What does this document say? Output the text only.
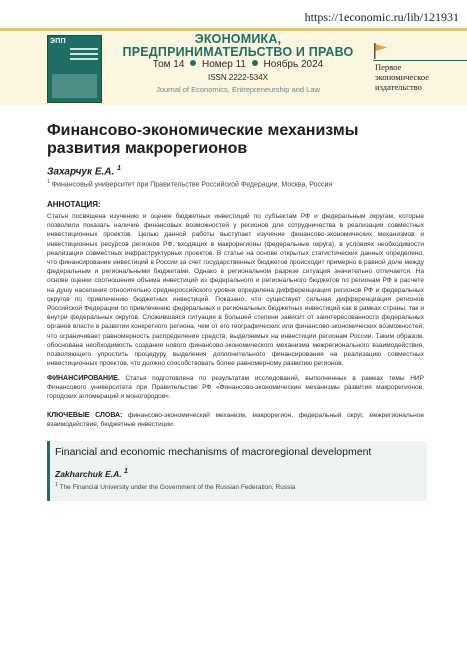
https://1economic.ru/lib/121931
ЭПП	ЭКОНОМИКА,
ПРЕДПРИНИМАТЕЛЬСТВО И ПРАВО
Том 14 Номер 11 Ноябрь 2024
ISSN 2222-534X
Journal of Economics, Entrepreneurship and Law
Первое
экономическое
издательство
Финансово-экономические механизмы развития макрорегионов
Захарчук Е.А. $^1$
$^1$ Финансовый университет при Правительстве Российской Федерации, Москва, Россия
АННОТАЦИЯ:
Статья посвящена изучению и оценке бюджетных инвестиций по субъектам РФ и федеральным округам, которые позволили показать наличие финансовых возможностей у регионов для сотрудничества в реализации совместных инвестиционных проектов. Целью данной работы выступает изучение финансово-экономических механизмов и инвестиционных ресурсов регионов РФ, входящих в макрорегионы (федеральные округа), в условиях необходимости реализации совместных инфраструктурных проектов. В статье на основе открытых статистических данных определено, что финансирование инвестиций в России за счет государственных бюджетов происходит примерно в равной доле между федеральным и региональными бюджетами. Однако в региональном разрезе ситуация значительно отличается. На основе оценки соотношения объема инвестиций из федерального и регионального бюджетов по регионам РФ в расчете на душу населения относительно среднероссийского уровня определена дифференциация регионов РФ и федеральных округов по привлечению бюджетных инвестиций. Показано, что существует сильная дифференциация регионов Российской Федерации по привлечению федеральных и региональных бюджетных инвестиций как в рамках страны, так и внутри федеральных округов. Сложившаяся ситуация в большей степени зависит от заинтересованности федеральных органов власти в развитии конкретного региона, чем от его географических или финансово-экономических возможностей, что ограничивает равномерность распределения средств, выделяемых на инвестиции регионам России. Таким образом, обоснована необходимость создания нового финансово-экономического механизма межрегионального взаимодействия, позволяющего упростить процедуру выделения дополнительного финансирования на реализацию совместных инвестиционных проектов, что должно способствовать более равномерному развитию регионов.
ФИНАНСИРОВАНИЕ. Статья подготовлена по результатам исследований, выполненных в рамках темы НИР Финансового университета при Правительстве РФ «Финансово-экономические механизмы развития макрорегионов, городских агломераций и моногородов».
КЛЮЧЕВЫЕ СЛОВА: финансово-экономический механизм, макрорегион, федеральный округ, межрегиональное взаимодействие, бюджетные инвестиции.
Financial and economic mechanisms of macroregional development
Zakharchuk E.A. $^1$
$^1$ The Financial University under the Government of the Russian Federation, Russia
